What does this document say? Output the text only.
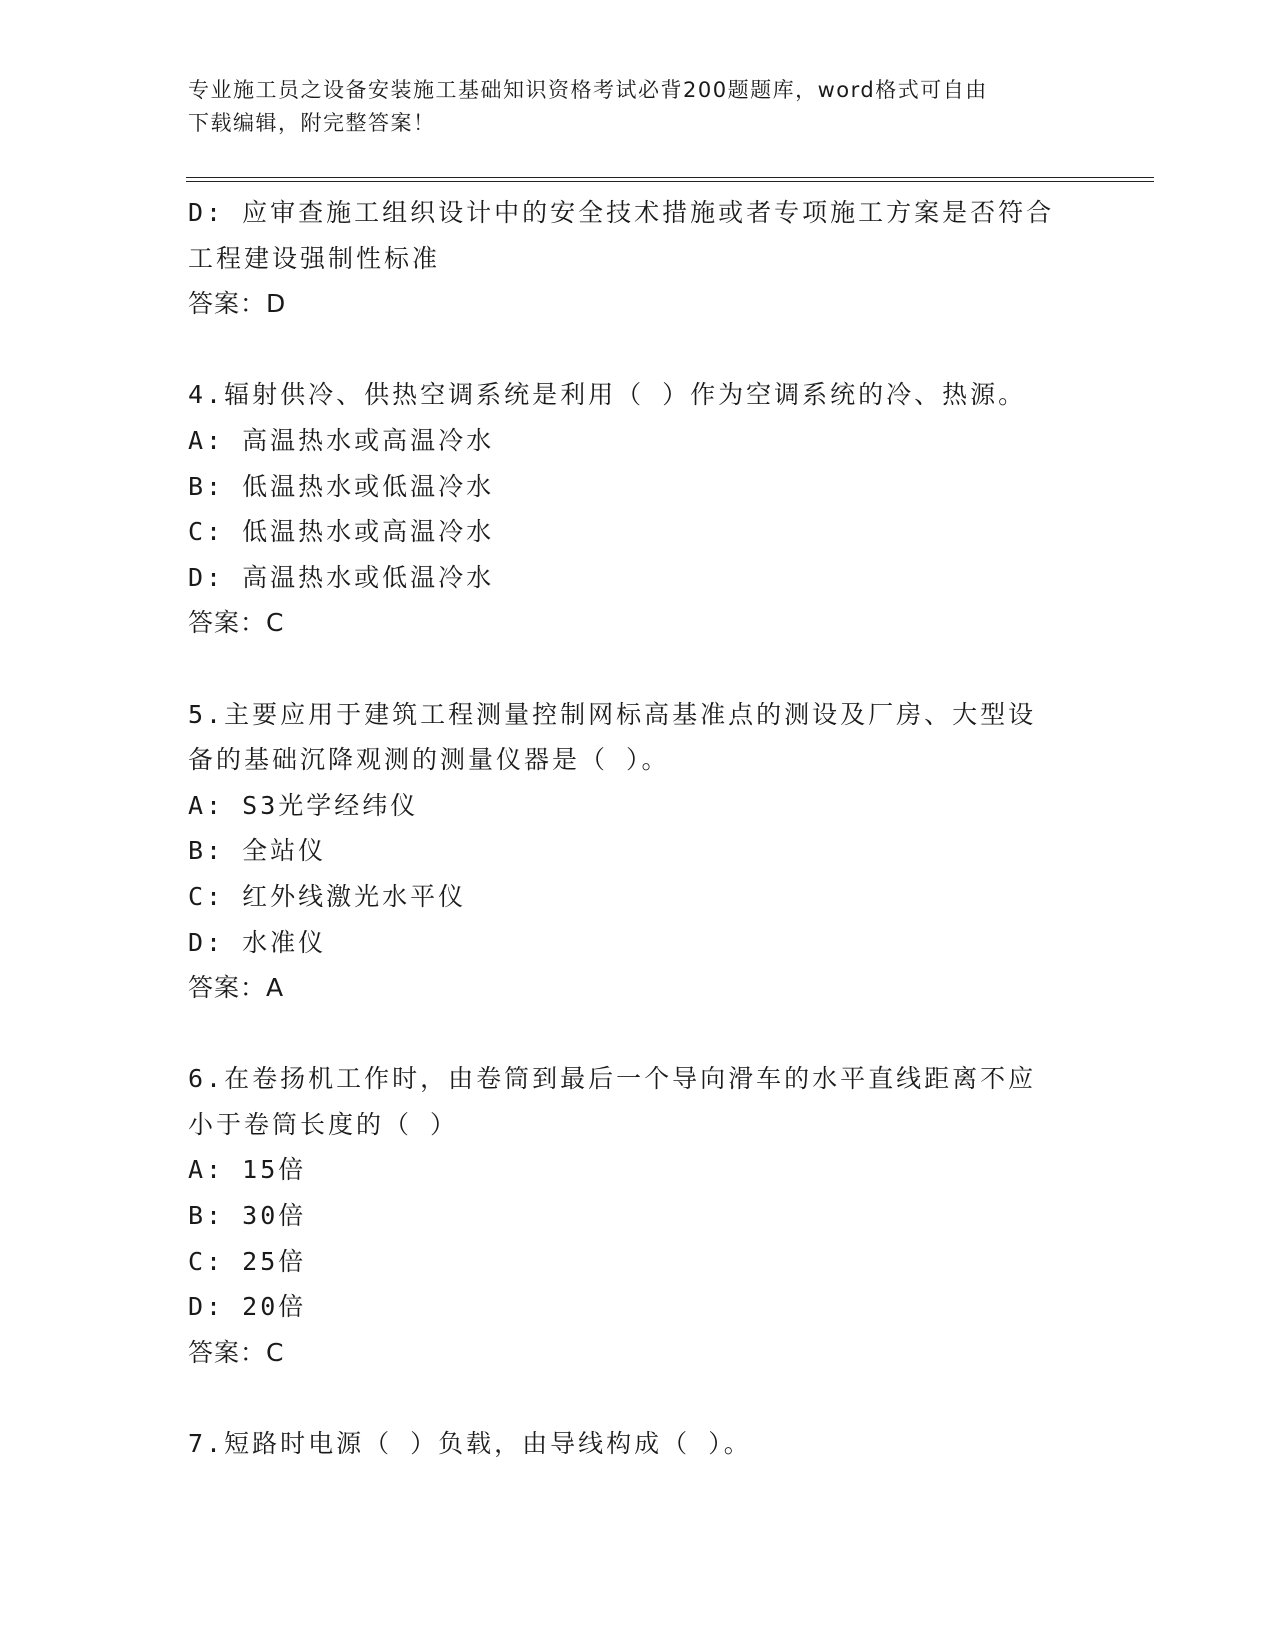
专业施工员之设备安装施工基础知识资格考试必背200题题库，word格式可自由
下载编辑，附完整答案！
D: 应审查施工组织设计中的安全技术措施或者专项施工方案是否符合
工程建设强制性标准
答案：D
4.辐射供冷、供热空调系统是利用（ ）作为空调系统的冷、热源。
A: 高温热水或高温冷水
B: 低温热水或低温冷水
C: 低温热水或高温冷水
D: 高温热水或低温冷水
答案：C
5.主要应用于建筑工程测量控制网标高基准点的测设及厂房、大型设
备的基础沉降观测的测量仪器是（ ）。
A: S3光学经纬仪
B: 全站仪
C: 红外线激光水平仪
D: 水准仪
答案：A
6.在卷扬机工作时，由卷筒到最后一个导向滑车的水平直线距离不应
小于卷筒长度的（ ）
A: 15倍
B: 30倍
C: 25倍
D: 20倍
答案：C
7.短路时电源（ ）负载，由导线构成（ ）。
